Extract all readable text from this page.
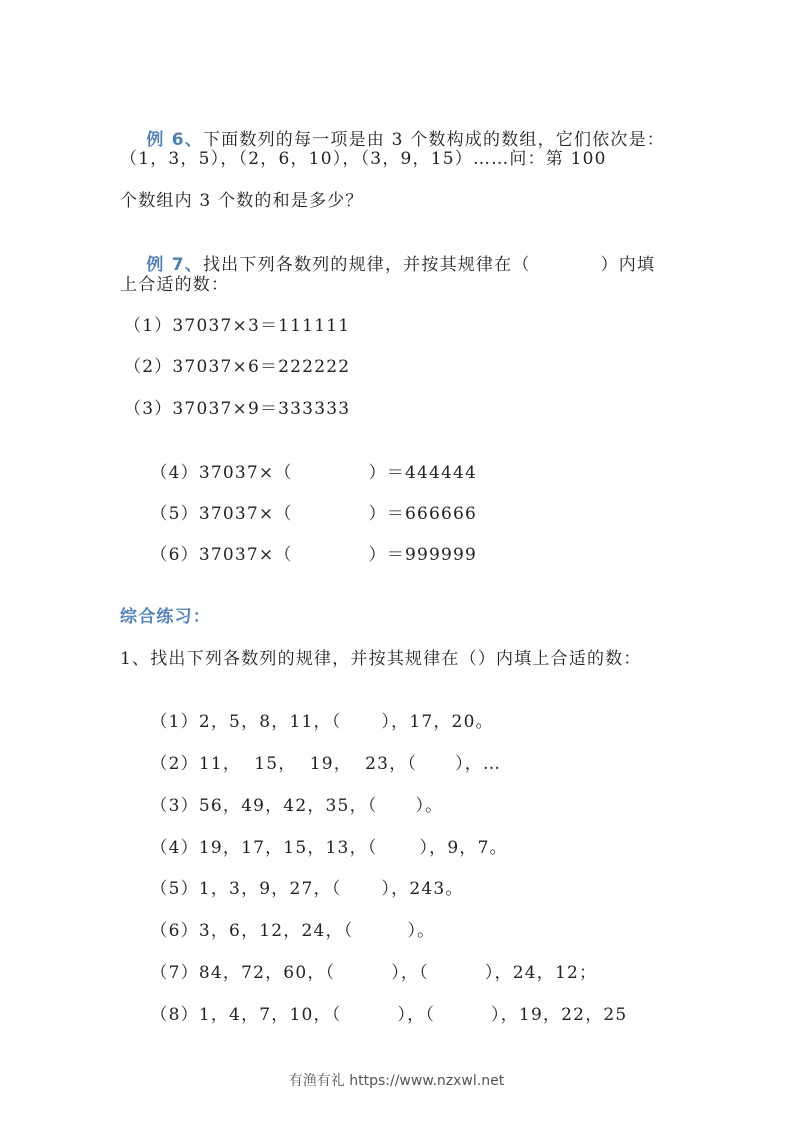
例 6、下面数列的每一项是由 3 个数构成的数组，它们依次是：

（1，3，5），（2，6，10），（3，9，15）……问：第 100
个数组内 3 个数的和是多少？

例 7、找出下列各数列的规律，并按其规律在（	）内填

上合适的数：
（1）37037×3＝111111
（2）37037×6＝222222
（3）37037×9＝333333

（4）37037×（	）＝444444

（5）37037×（	）＝666666

（6）37037×（	）＝999999

综合练习：
1、找出下列各数列的规律，并按其规律在（）内填上合适的数：

（1）2，5，8，11，（ ），17，20。

（2）11，  15，  19，  23，（ ），…

（3）56，49，42，35，（ ）。

（4）19，17，15，13，（ ），9，7。

（5）1，3，9，27，（ ），243。

（6）3，6，12，24，（	）。

（7）84，72，60，（	），（	），24，12；

（8）1，4，7，10，（	），（	），19，22，25

有渔有礼 https://www.nzxwl.net
